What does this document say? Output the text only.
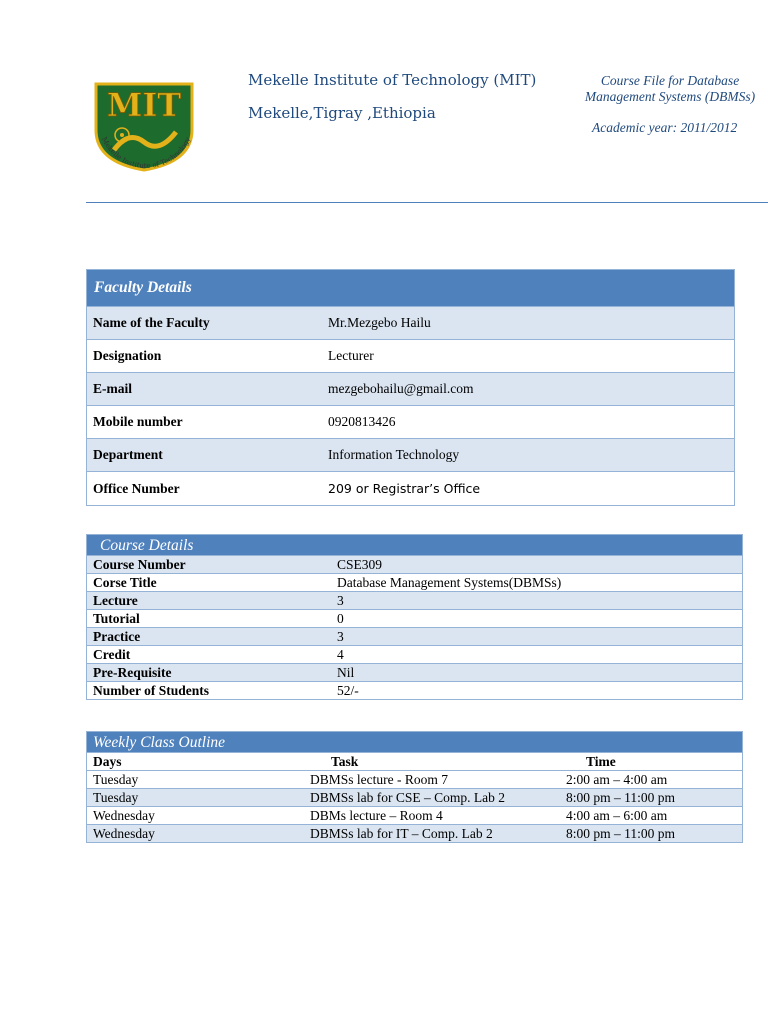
MIT
Mekelle Institute of Technology
Mekelle Institute of Technology (MIT)
Mekelle,Tigray ,Ethiopia
Course File for Database Management Systems (DBMSs)
Academic year: 2011/2012
Faculty Details
Name of the Faculty	Mr.Mezgebo Hailu
Designation	Lecturer
E-mail	mezgebohailu@gmail.com
Mobile number	0920813426
Department	Information Technology
Office Number	209 or Registrar’s Office
Course Details
Course Number	CSE309
Corse Title	Database Management Systems(DBMSs)
Lecture	3
Tutorial	0
Practice	3
Credit	4
Pre-Requisite	Nil
Number of Students	52/-
Weekly Class Outline
Days	Task	Time
Tuesday	DBMSs lecture - Room 7	2:00 am – 4:00 am
Tuesday	DBMSs lab for CSE – Comp. Lab 2	8:00 pm – 11:00 pm
Wednesday	DBMs lecture – Room 4	4:00 am – 6:00 am
Wednesday	DBMSs lab for IT – Comp. Lab 2	8:00 pm – 11:00 pm
